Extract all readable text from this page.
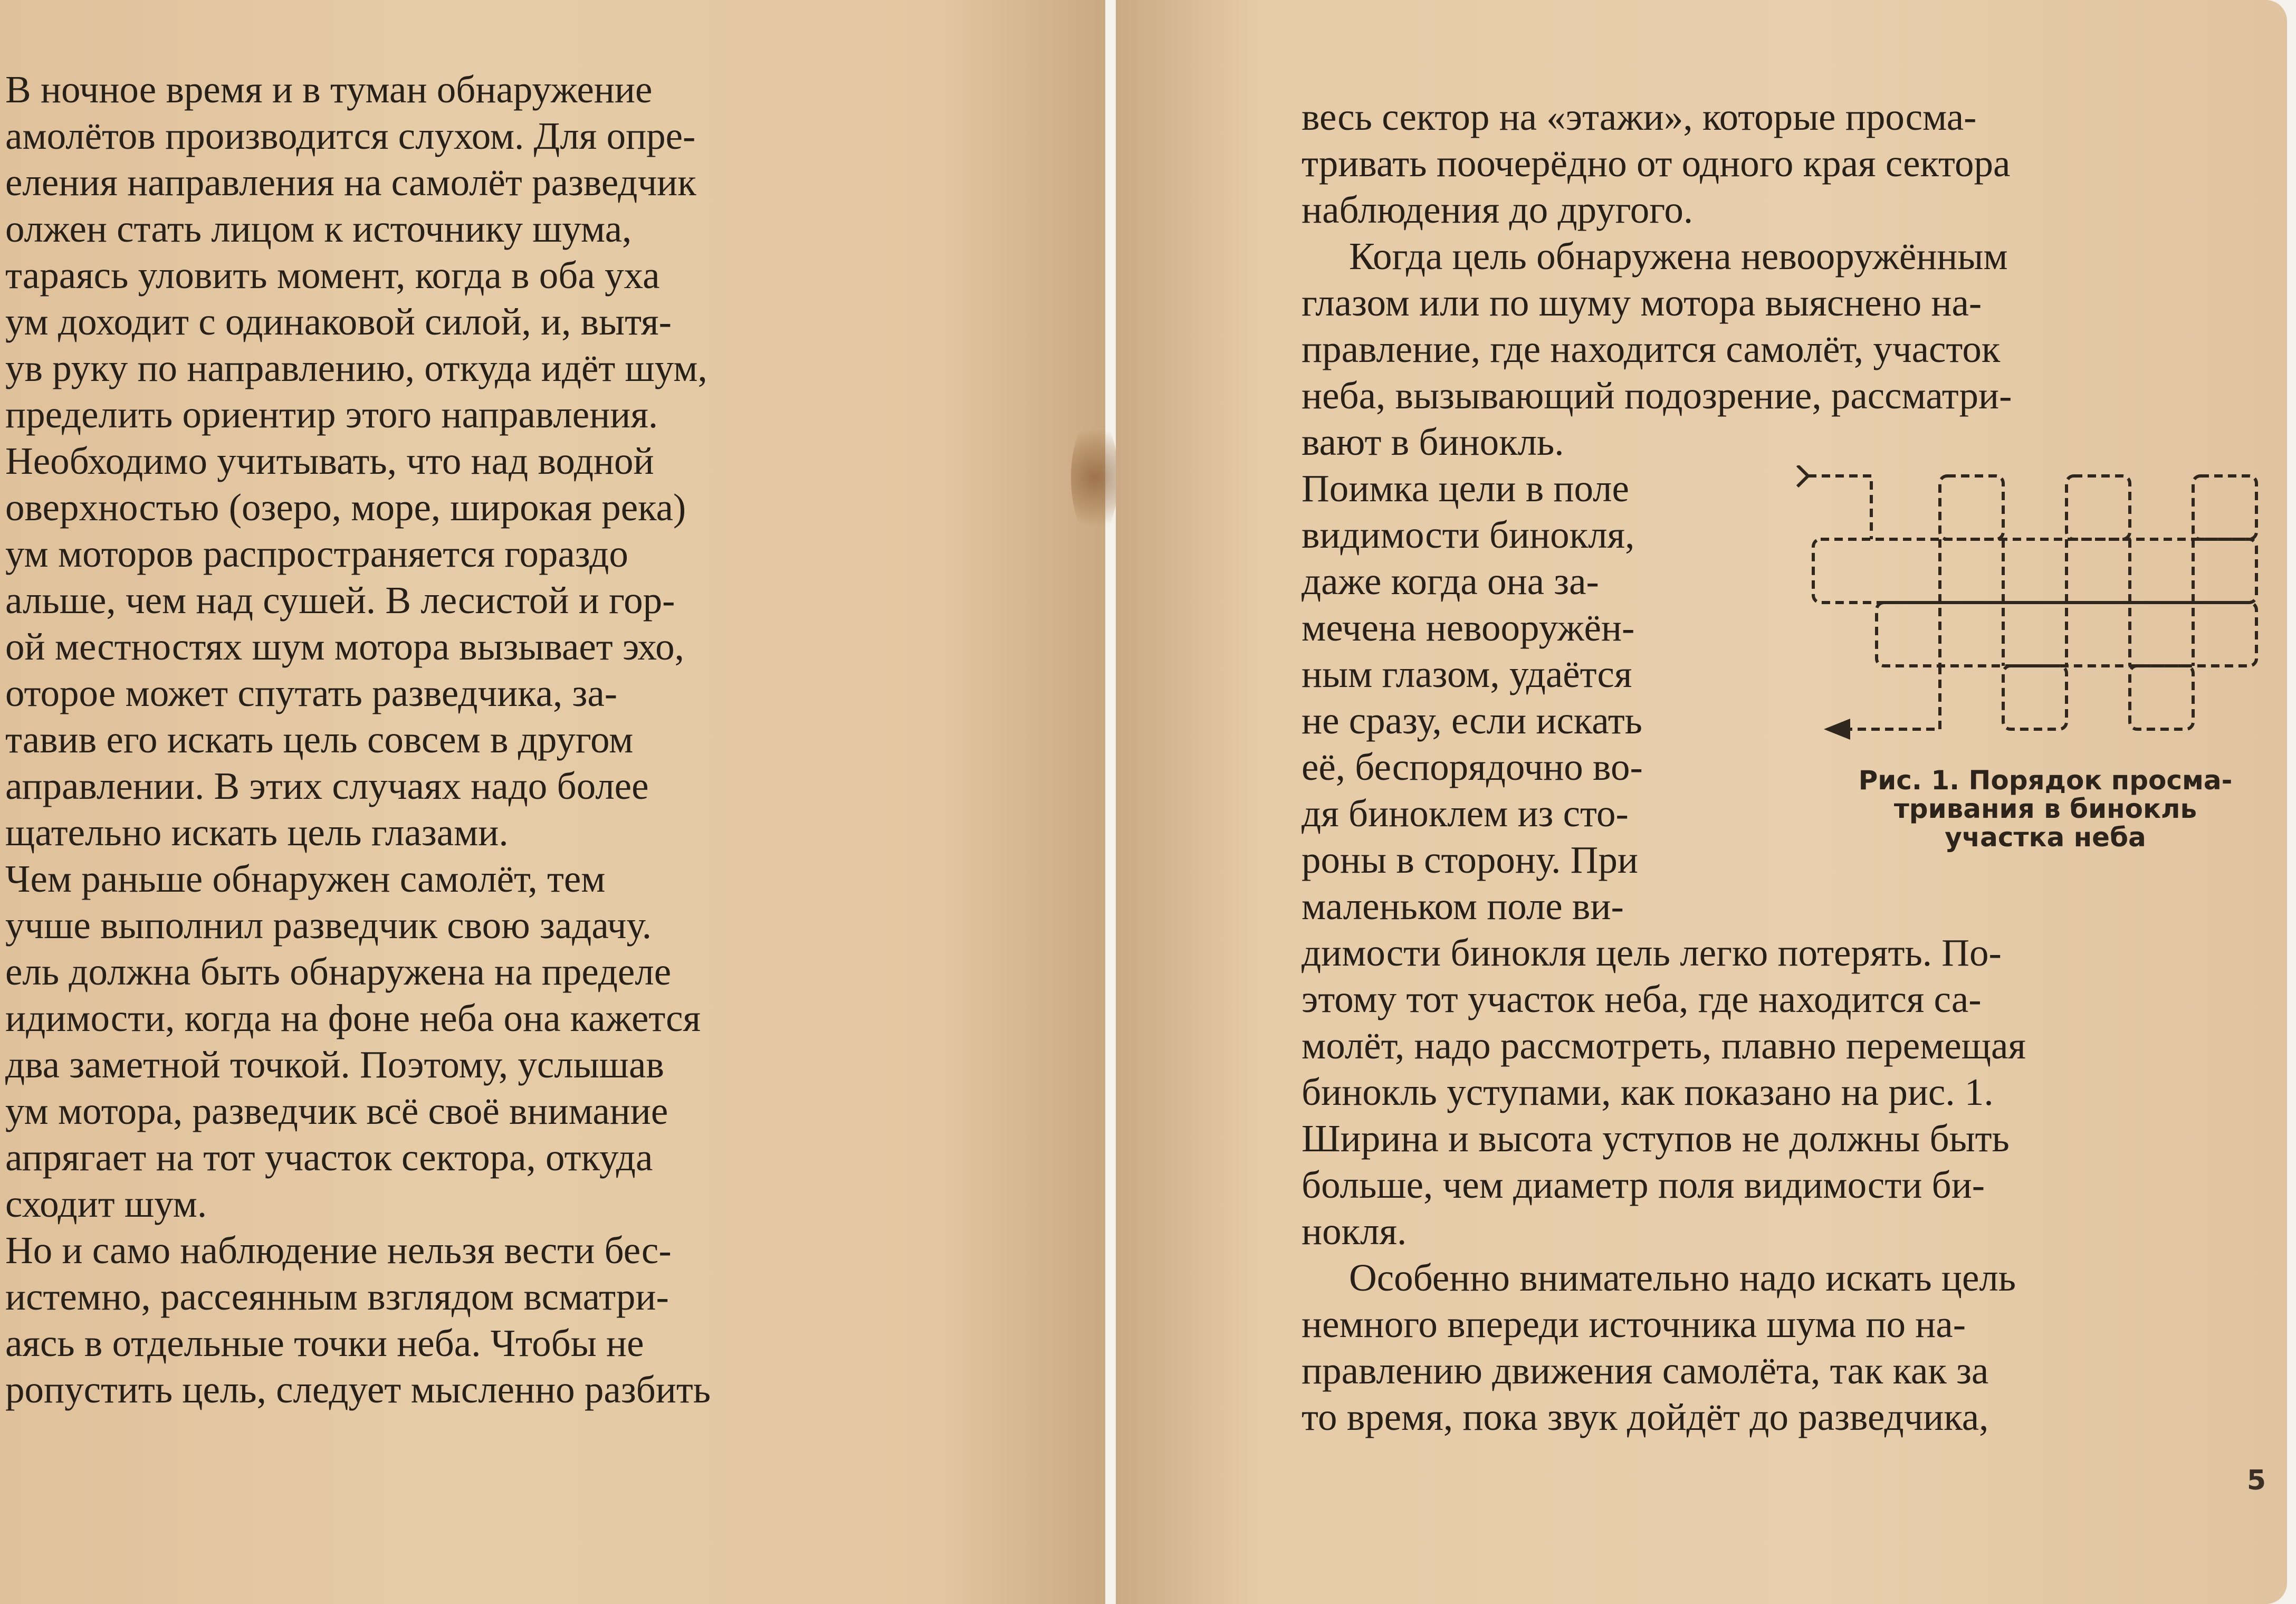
В ночное время и в туман обнаружение
амолётов производится слухом. Для опре-
еления направления на самолёт разведчик
олжен стать лицом к источнику шума,
тараясь уловить момент, когда в оба уха
ум доходит с одинаковой силой, и, вытя-
ув руку по направлению, откуда идёт шум,
пределить ориентир этого направления.
Необходимо учитывать, что над водной
оверхностью (озеро, море, широкая река)
ум моторов распространяется гораздо
альше, чем над сушей. В лесистой и гор-
ой местностях шум мотора вызывает эхо,
оторое может спутать разведчика, за-
тавив его искать цель совсем в другом
аправлении. В этих случаях надо более
щательно искать цель глазами.
Чем раньше обнаружен самолёт, тем
учше выполнил разведчик свою задачу.
ель должна быть обнаружена на пределе
идимости, когда на фоне неба она кажется
два заметной точкой. Поэтому, услышав
ум мотора, разведчик всё своё внимание
апрягает на тот участок сектора, откуда
сходит шум.
Но и само наблюдение нельзя вести бес-
истемно, рассеянным взглядом всматри-
аясь в отдельные точки неба. Чтобы не
ропустить цель, следует мысленно разбить
весь сектор на «этажи», которые просма-
тривать поочерёдно от одного края сектора
наблюдения до другого.
Когда цель обнаружена невооружённым
глазом или по шуму мотора выяснено на-
правление, где находится самолёт, участок
неба, вызывающий подозрение, рассматри-
вают в бинокль.
Поимка цели в поле
видимости бинокля,
даже когда она за-
мечена невооружён-
ным глазом, удаётся
не сразу, если искать
её, беспорядочно во-
дя биноклем из сто-
роны в сторону. При
маленьком поле ви-
Рис. 1. Порядок просма-
тривания в бинокль
участка неба
димости бинокля цель легко потерять. По-
этому тот участок неба, где находится са-
молёт, надо рассмотреть, плавно перемещая
бинокль уступами, как показано на рис. 1.
Ширина и высота уступов не должны быть
больше, чем диаметр поля видимости би-
нокля.
Особенно внимательно надо искать цель
немного впереди источника шума по на-
правлению движения самолёта, так как за
то время, пока звук дойдёт до разведчика,
5
